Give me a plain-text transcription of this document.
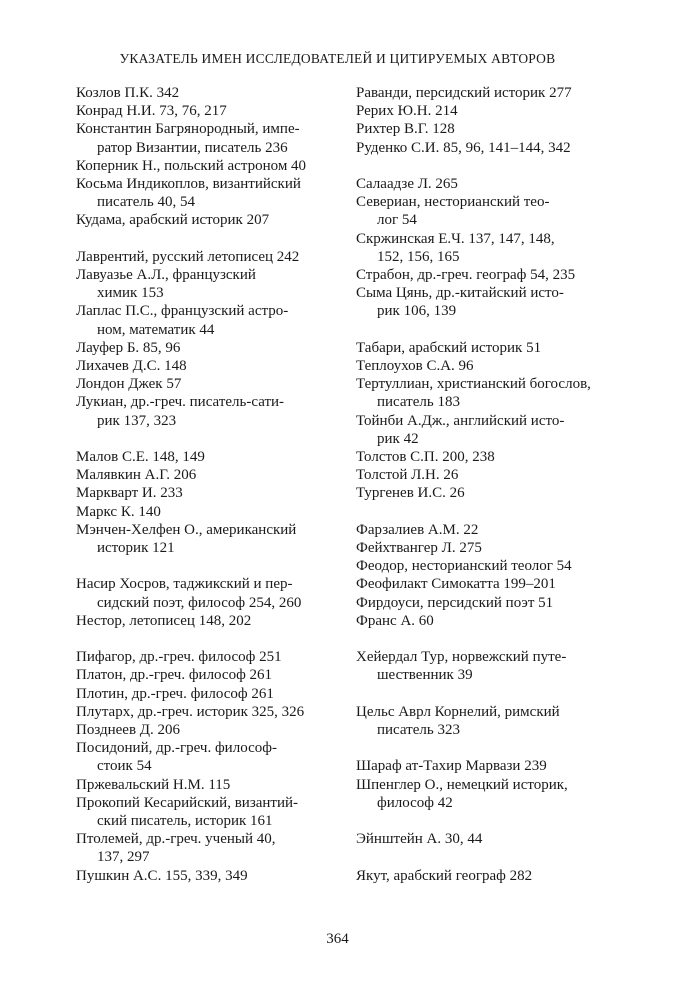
УКАЗАТЕЛЬ ИМЕН ИССЛЕДОВАТЕЛЕЙ И ЦИТИРУЕМЫХ АВТОРОВ
Козлов П.К. 342
Конрад Н.И. 73, 76, 217
Константин Багрянородный, импе-
ратор Византии, писатель 236
Коперник Н., польский астроном 40
Косьма Индикоплов, византийский
писатель 40, 54
Кудама, арабский историк 207
Лаврентий, русский летописец 242
Лавуазье А.Л., французский
химик 153
Лаплас П.С., французский астро-
ном, математик 44
Лауфер Б. 85, 96
Лихачев Д.С. 148
Лондон Джек 57
Лукиан, др.-греч. писатель-сати-
рик 137, 323
Малов С.Е. 148, 149
Малявкин А.Г. 206
Маркварт И. 233
Маркс К. 140
Мэнчен-Хелфен О., американский
историк 121
Насир Хосров, таджикский и пер-
сидский поэт, философ 254, 260
Нестор, летописец 148, 202
Пифагор, др.-греч. философ 251
Платон, др.-греч. философ 261
Плотин, др.-греч. философ 261
Плутарх, др.-греч. историк 325, 326
Позднеев Д. 206
Посидоний, др.-греч. философ-
стоик 54
Пржевальский Н.М. 115
Прокопий Кесарийский, византий-
ский писатель, историк 161
Птолемей, др.-греч. ученый 40,
137, 297
Пушкин А.С. 155, 339, 349
Раванди, персидский историк 277
Рерих Ю.Н. 214
Рихтер В.Г. 128
Руденко С.И. 85, 96, 141–144, 342
Салаадзе Л. 265
Севериан, несторианский тео-
лог 54
Скржинская Е.Ч. 137, 147, 148,
152, 156, 165
Страбон, др.-греч. географ 54, 235
Сыма Цянь, др.-китайский исто-
рик 106, 139
Табари, арабский историк 51
Теплоухов С.А. 96
Тертуллиан, христианский богослов,
писатель 183
Тойнби А.Дж., английский исто-
рик 42
Толстов С.П. 200, 238
Толстой Л.Н. 26
Тургенев И.С. 26
Фарзалиев А.М. 22
Фейхтвангер Л. 275
Феодор, несторианский теолог 54
Феофилакт Симокатта 199–201
Фирдоуси, персидский поэт 51
Франс А. 60
Хейердал Тур, норвежский путе-
шественник 39
Цельс Аврл Корнелий, римский
писатель 323
Шараф ат-Тахир Марвази 239
Шпенглер О., немецкий историк,
философ 42
Эйнштейн А. 30, 44
Якут, арабский географ 282
364
